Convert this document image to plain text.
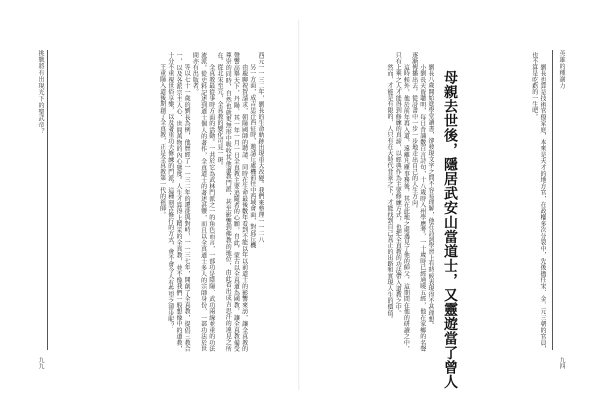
挑戰將有出現光下的聖武帝？	西元一一三二年，劉長的生命軌跡出現重大改變。我們來整理一一二八

另一方面，成吉思汗西征時，邀請丘處機前往中西域會面，對邱丘機

由鹿聊祝賀請求，朝陽國師的聘請、同時在生命最後數年看到不能以年以前道士的影響來訪，讓全真教的聲響高舉天下，丹陽，其一年一月一日全真教主要追隨者的心願，自此，蒙古以全真道為國教，讓全真教備受尊崇的同時，自然也就更無形中吸收其他道教門派，甚至影響到佛教的地位，由此看出成吉思汗的遠見之所在。從北宋至元，全真教的變化可見一斑。

全真教最從事時方面的活動。一共於它為武林門派之一的角色而言，一部功是陰陽、武功兩線並重的功法流派。從史料記述到道士個人的著作，全真道士的著述甚豐，而且以全真道士多人的宗師身份，一部功法於世間亦有出版者。

等以七十一歲的劉長為例，他歷經了一一三二年的遷徙與對峙，一一三七年，開創了全真教，提倡三教合一，以及各派宗主人心、世間萬物的內心態度。人生才算得上精采的全真教，並不像我們一般想像中的道教，十分不重視世俗享樂，以及著重功夫修練的門派。這種刻苦修行的方式，會不會令人有些望之卻步呢？

王重陽入道後期創了全真教，正是全真教第一代的祖師。

九九

劉長也算是技術官僚家庭，本來是天才的地方官，在政權多次分裂中，先後擔任宋、金、元三朝的官員，也不算是吃虧的一生吧。

母親去世後，隱居武安山當道士，又靈遊當了曾人

劉長八歲開始進學堂讀書，卻發現文字之間不容易理解，他在詩詞學習上有時候表現得不甚理想。

小劉長天資聰明，每日背誦數百言詩句，十八歲時入州學應考，一十歲時已經通曉五經，他在家鄉的名聲逐漸傳播出去。從詩書中一步一步地走出自己的人生方向。

這時候外，他於前年再入道，遠離凡塵事務後，其在此地之處遇見了他的師父，這期間在他的研讀之中，只有上乘之人才能得到修練的真諦，以經典作為主要修練方式，也把全真教的功法帶入道教之中。

然而，才能是有限的，人只有在大時代背景之下，才能找到自己真正的出路和實現人生的價值。	英雄的種謝力
九四
